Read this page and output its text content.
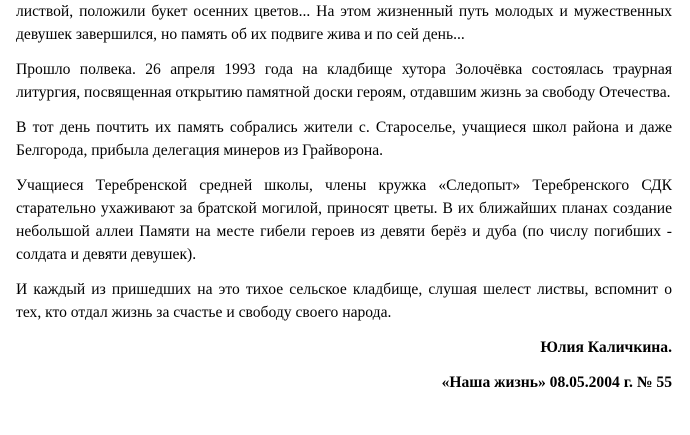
листвой, положили букет осенних цветов... На этом жизненный путь молодых и мужественных девушек завершился, но память об их подвиге жива и по сей день...

Прошло полвека. 26 апреля 1993 года на кладбище хутора Золочёвка состоялась траурная литургия, посвященная открытию памятной доски героям, отдавшим жизнь за свободу Отечества.

В тот день почтить их память собрались жители с. Староселье, учащиеся школ района и даже Белгорода, прибыла делегация минеров из Грайворона.

Учащиеся Теребренской средней школы, члены кружка «Следопыт» Теребренского СДК старательно ухаживают за братской могилой, приносят цветы. В их ближайших планах создание небольшой аллеи Памяти на месте гибели героев из девяти берёз и дуба (по числу погибших - солдата и девяти девушек).

И каждый из пришедших на это тихое сельское кладбище, слушая шелест листвы, вспомнит о тех, кто отдал жизнь за счастье и свободу своего народа.

Юлия Каличкина.

«Наша жизнь» 08.05.2004 г. № 55
